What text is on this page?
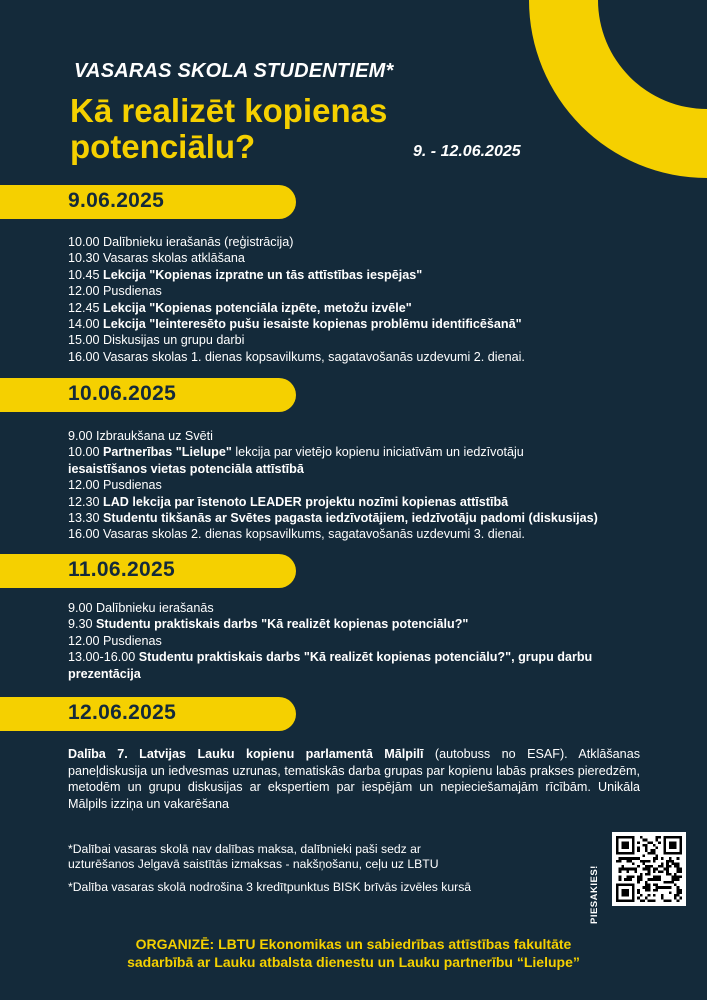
VASARAS SKOLA STUDENTIEM*
Kā realizēt kopienas
potenciālu?	9. - 12.06.2025
9.06.2025
10.00 Dalībnieku ierašanās (reģistrācija)
10.30 Vasaras skolas atklāšana
10.45 Lekcija "Kopienas izpratne un tās attīstības iespējas"
12.00 Pusdienas
12.45 Lekcija "Kopienas potenciāla izpēte, metožu izvēle"
14.00 Lekcija "Ieinteresēto pušu iesaiste kopienas problēmu identificēšanā"
15.00 Diskusijas un grupu darbi
16.00 Vasaras skolas 1. dienas kopsavilkums, sagatavošanās uzdevumi 2. dienai.
10.06.2025
9.00 Izbraukšana uz Svēti
10.00 Partnerības "Lielupe" lekcija par vietējo kopienu iniciatīvām un iedzīvotāju
iesaistīšanos vietas potenciāla attīstībā
12.00 Pusdienas
12.30 LAD lekcija par īstenoto LEADER projektu nozīmi kopienas attīstībā
13.30 Studentu tikšanās ar Svētes pagasta iedzīvotājiem, iedzīvotāju padomi (diskusijas)
16.00 Vasaras skolas 2. dienas kopsavilkums, sagatavošanās uzdevumi 3. dienai.
11.06.2025
9.00 Dalībnieku ierašanās
9.30 Studentu praktiskais darbs "Kā realizēt kopienas potenciālu?"
12.00 Pusdienas
13.00-16.00 Studentu praktiskais darbs "Kā realizēt kopienas potenciālu?", grupu darbu
prezentācija
12.06.2025
Dalība 7. Latvijas Lauku kopienu parlamentā Mālpilī (autobuss no ESAF). Atklāšanas paneļdiskusija un iedvesmas uzrunas, tematiskās darba grupas par kopienu labās prakses pieredzēm, metodēm un grupu diskusijas ar ekspertiem par iespējām un nepieciešamajām rīcībām. Unikāla Mālpils izziņa un vakarēšana
*Dalībai vasaras skolā nav dalības maksa, dalībnieki paši sedz ar uzturēšanos Jelgavā saistītās izmaksas - nakšņošanu, ceļu uz LBTU
*Dalība vasaras skolā nodrošina 3 kredītpunktus BISK brīvās izvēles kursā	PIESAKIES!
ORGANIZĒ: LBTU Ekonomikas un sabiedrības attīstības fakultāte
sadarbībā ar Lauku atbalsta dienestu un Lauku partnerību “Lielupe”
